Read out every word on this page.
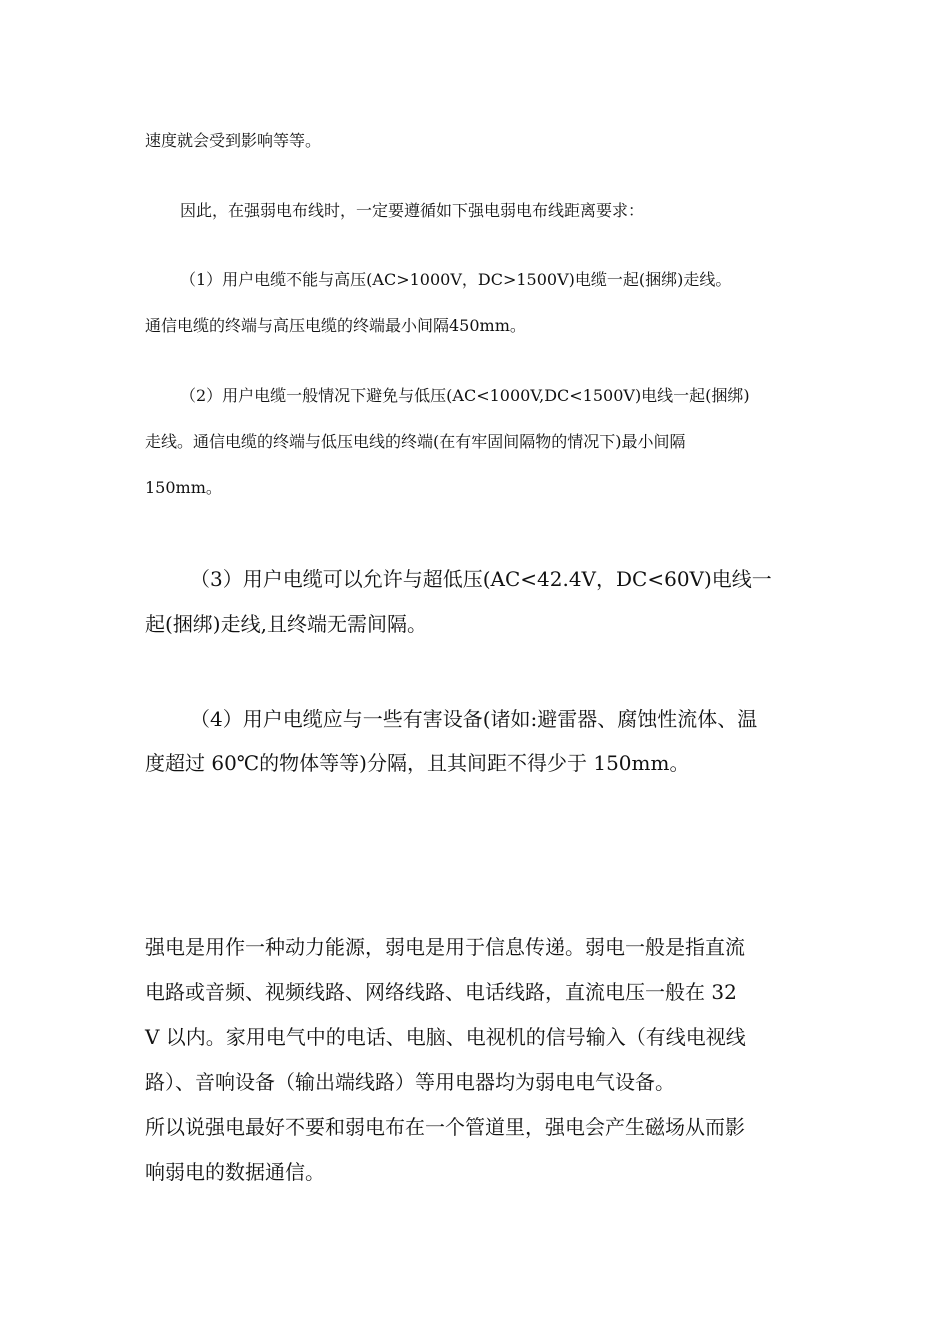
速度就会受到影响等等。
因此，在强弱电布线时，一定要遵循如下强电弱电布线距离要求：
（1）用户电缆不能与高压(AC>1000V，DC>1500V)电缆一起(捆绑)走线。
通信电缆的终端与高压电缆的终端最小间隔450mm。
（2）用户电缆一般情况下避免与低压(AC<1000V,DC<1500V)电线一起(捆绑)
走线。通信电缆的终端与低压电线的终端(在有牢固间隔物的情况下)最小间隔
150mm。
（3）用户电缆可以允许与超低压(AC<42.4V，DC<60V)电线一
起(捆绑)走线,且终端无需间隔。
（4）用户电缆应与一些有害设备(诸如:避雷器、腐蚀性流体、温
度超过 60℃的物体等等)分隔，且其间距不得少于 150mm。
强电是用作一种动力能源，弱电是用于信息传递。弱电一般是指直流
电路或音频、视频线路、网络线路、电话线路，直流电压一般在 32
V 以内。家用电气中的电话、电脑、电视机的信号输入（有线电视线
路）、音响设备（输出端线路）等用电器均为弱电电气设备。
所以说强电最好不要和弱电布在一个管道里，强电会产生磁场从而影
响弱电的数据通信。
